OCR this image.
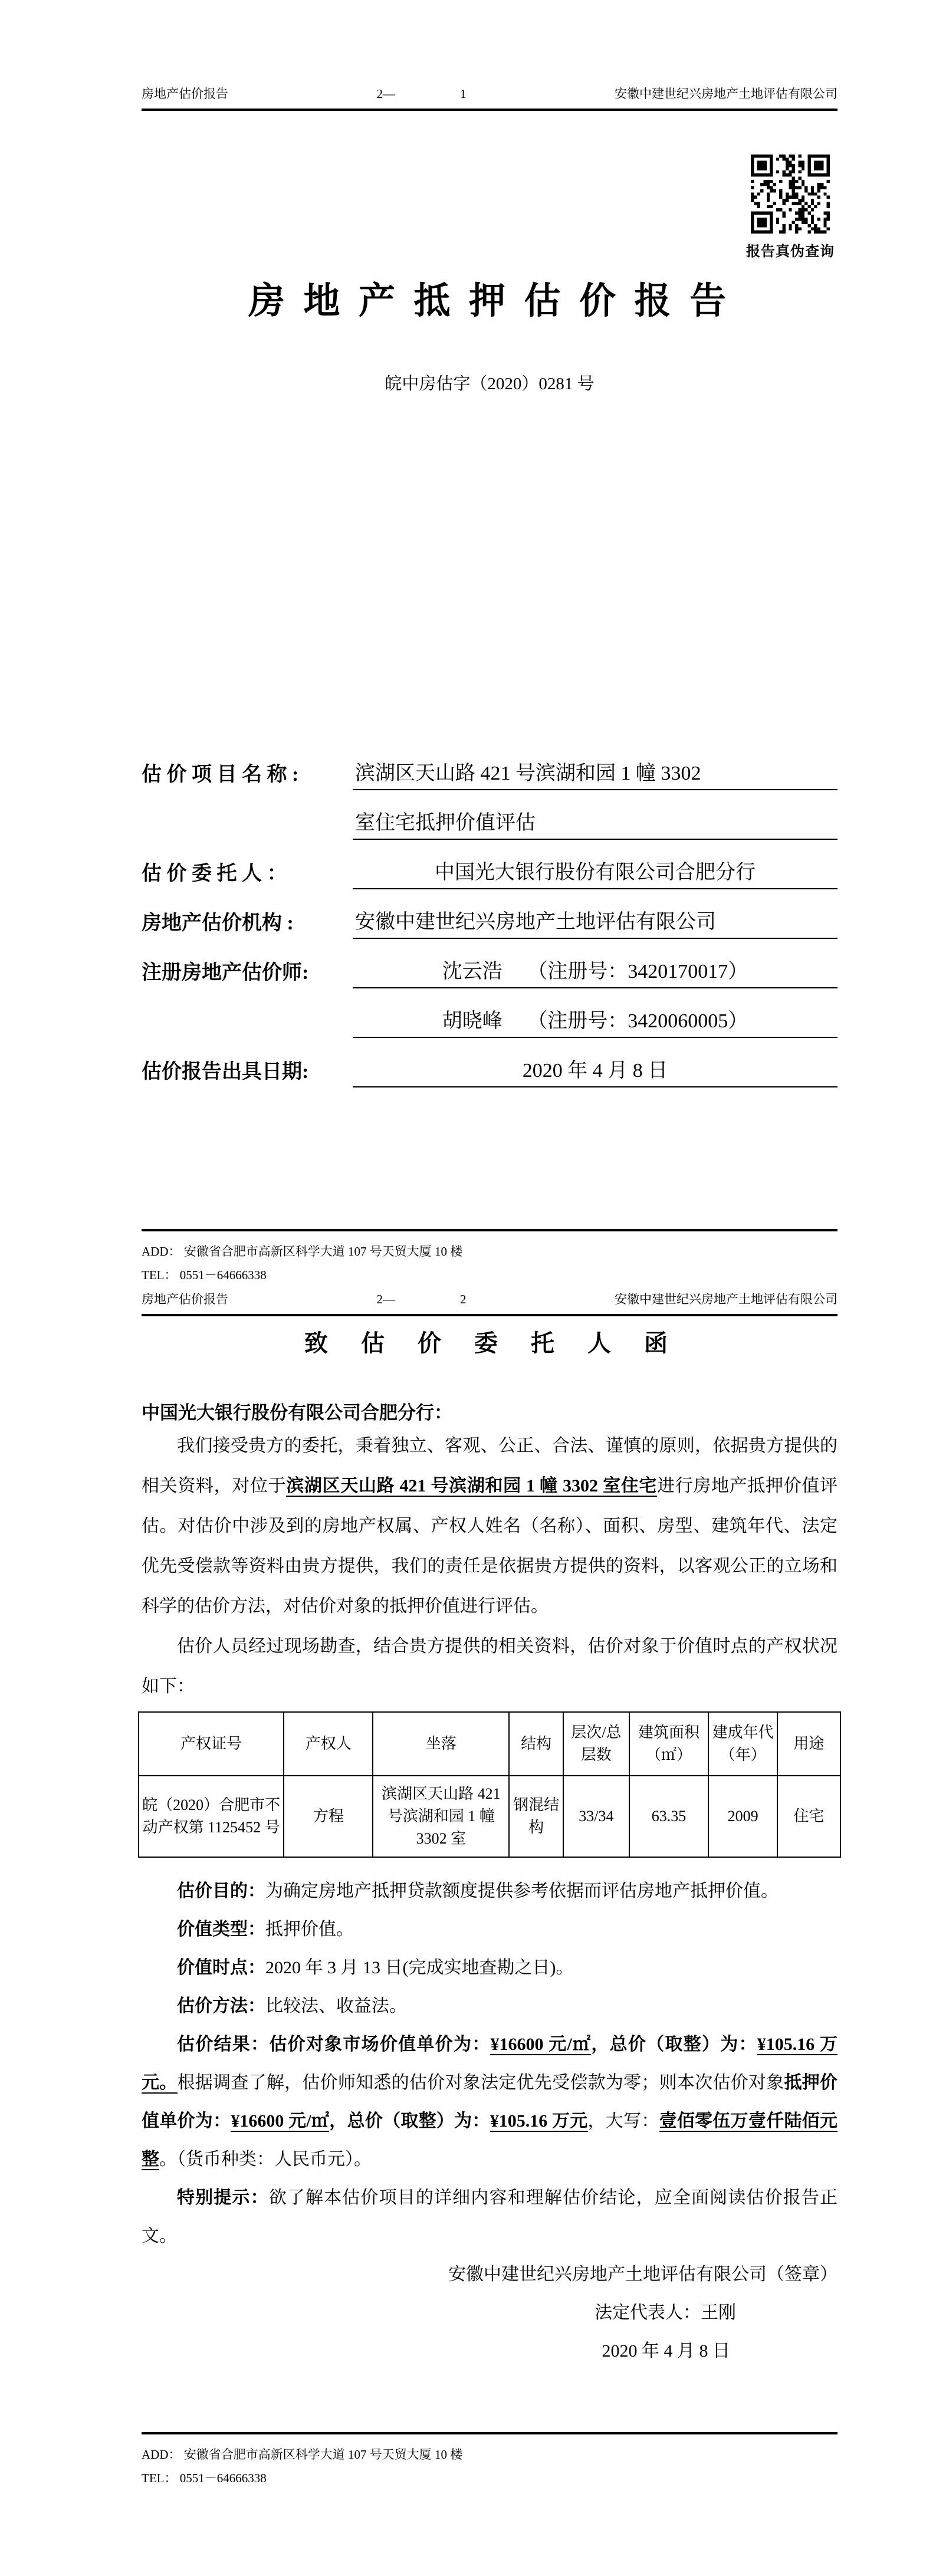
房地产估价报告	2—	1	安徽中建世纪兴房地产土地评估有限公司
报告真伪查询
房 地 产 抵 押 估 价 报 告
皖中房估字（2020）0281 号
估 价 项 目 名 称 :	滨湖区天山路 421 号滨湖和园 1 幢 3302
室住宅抵押价值评估
估 价 委 托 人 ：	中国光大银行股份有限公司合肥分行
房地产估价机构 :	安徽中建世纪兴房地产土地评估有限公司
注册房地产估价师:	沈云浩　 （注册号：3420170017）
胡晓峰　 （注册号：3420060005）
估价报告出具日期:	2020 年 4 月 8 日
ADD： 安徽省合肥市高新区科学大道 107 号天贸大厦 10 楼
TEL： 0551－64666338
房地产估价报告	2—	2	安徽中建世纪兴房地产土地评估有限公司
致  估  价  委  托  人  函
中国光大银行股份有限公司合肥分行：

我们接受贵方的委托，秉着独立、客观、公正、合法、谨慎的原则，依据贵方提供的相关资料，对位于滨湖区天山路 421 号滨湖和园 1 幢 3302 室住宅进行房地产抵押价值评估。对估价中涉及到的房地产权属、产权人姓名（名称）、面积、房型、建筑年代、法定优先受偿款等资料由贵方提供，我们的责任是依据贵方提供的资料，以客观公正的立场和科学的估价方法，对估价对象的抵押价值进行评估。

估价人员经过现场勘查，结合贵方提供的相关资料，估价对象于价值时点的产权状况如下：

产权证号	产权人	坐落	结构	层次/总层数	建筑面积（㎡）	建成年代（年）	用途
皖（2020）合肥市不动产权第 1125452 号	方程	滨湖区天山路 421 号滨湖和园 1 幢 3302 室	钢混结构	33/34	63.35	2009	住宅

估价目的：为确定房地产抵押贷款额度提供参考依据而评估房地产抵押价值。

价值类型：抵押价值。

价值时点：2020 年 3 月 13 日(完成实地查勘之日)。

估价方法：比较法、收益法。

估价结果：估价对象市场价值单价为：¥16600 元/㎡，总价（取整）为：¥105.16 万元。根据调查了解，估价师知悉的估价对象法定优先受偿款为零；则本次估价对象抵押价值单价为：¥16600 元/㎡，总价（取整）为：¥105.16 万元，大写：壹佰零伍万壹仟陆佰元整。（货币种类：人民币元）。

特别提示：欲了解本估价项目的详细内容和理解估价结论，应全面阅读估价报告正文。

安徽中建世纪兴房地产土地评估有限公司（签章）
法定代表人：王刚
2020 年 4 月 8 日
ADD： 安徽省合肥市高新区科学大道 107 号天贸大厦 10 楼
TEL： 0551－64666338
